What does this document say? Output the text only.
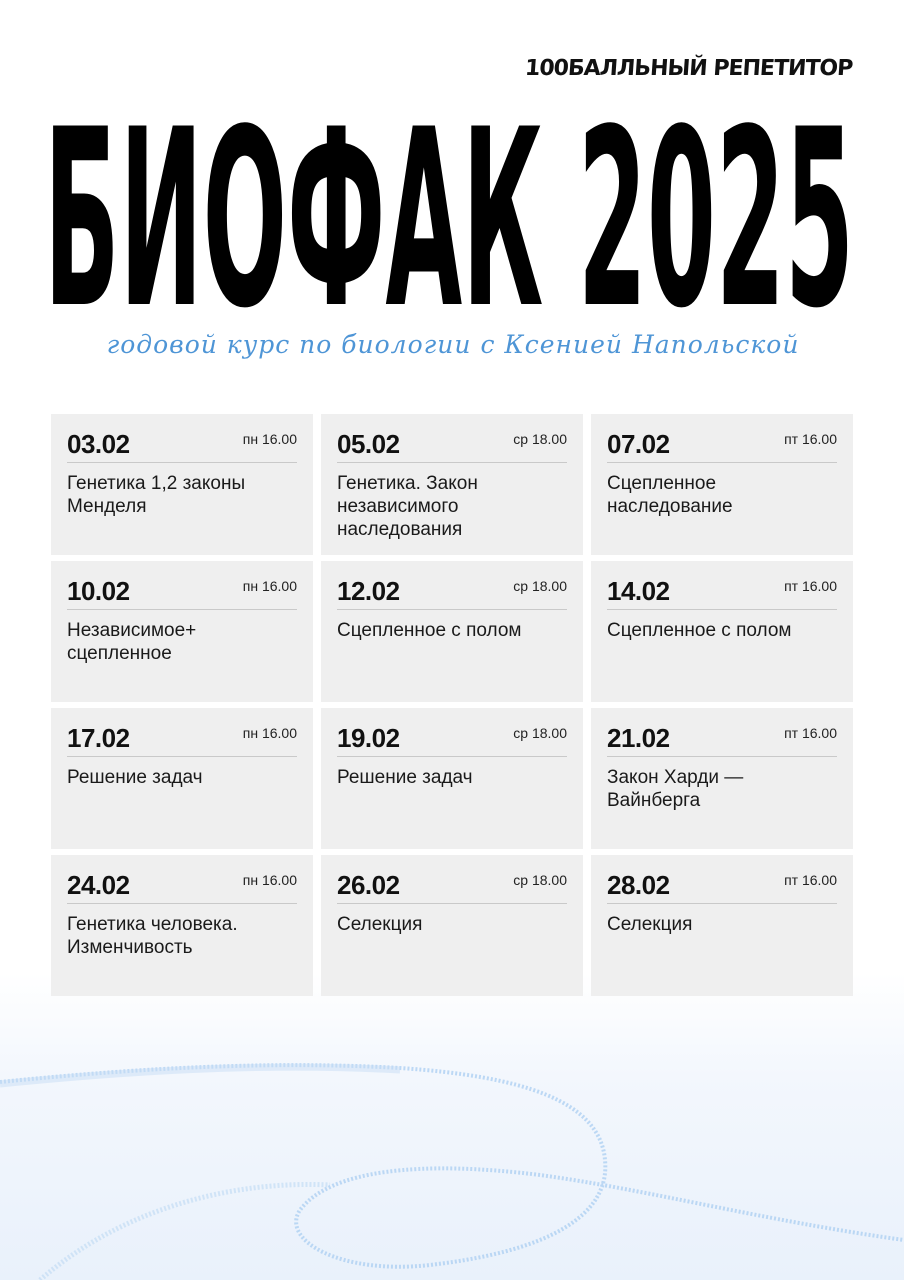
100БАЛЛЬНЫЙ РЕПЕТИТОР
БИОФАК 2025
годовой курс по биологии с Ксенией Напольской
03.02	пн 16.00
Генетика 1,2 законы Менделя
05.02	ср 18.00
Генетика. Закон независимого наследования
07.02	пт 16.00
Сцепленное наследование
10.02	пн 16.00
Независимое+ сцепленное
12.02	ср 18.00
Сцепленное с полом
14.02	пт 16.00
Сцепленное с полом
17.02	пн 16.00
Решение задач
19.02	ср 18.00
Решение задач
21.02	пт 16.00
Закон Харди — Вайнберга
24.02	пн 16.00
Генетика человека. Изменчивость
26.02	ср 18.00
Селекция
28.02	пт 16.00
Селекция
